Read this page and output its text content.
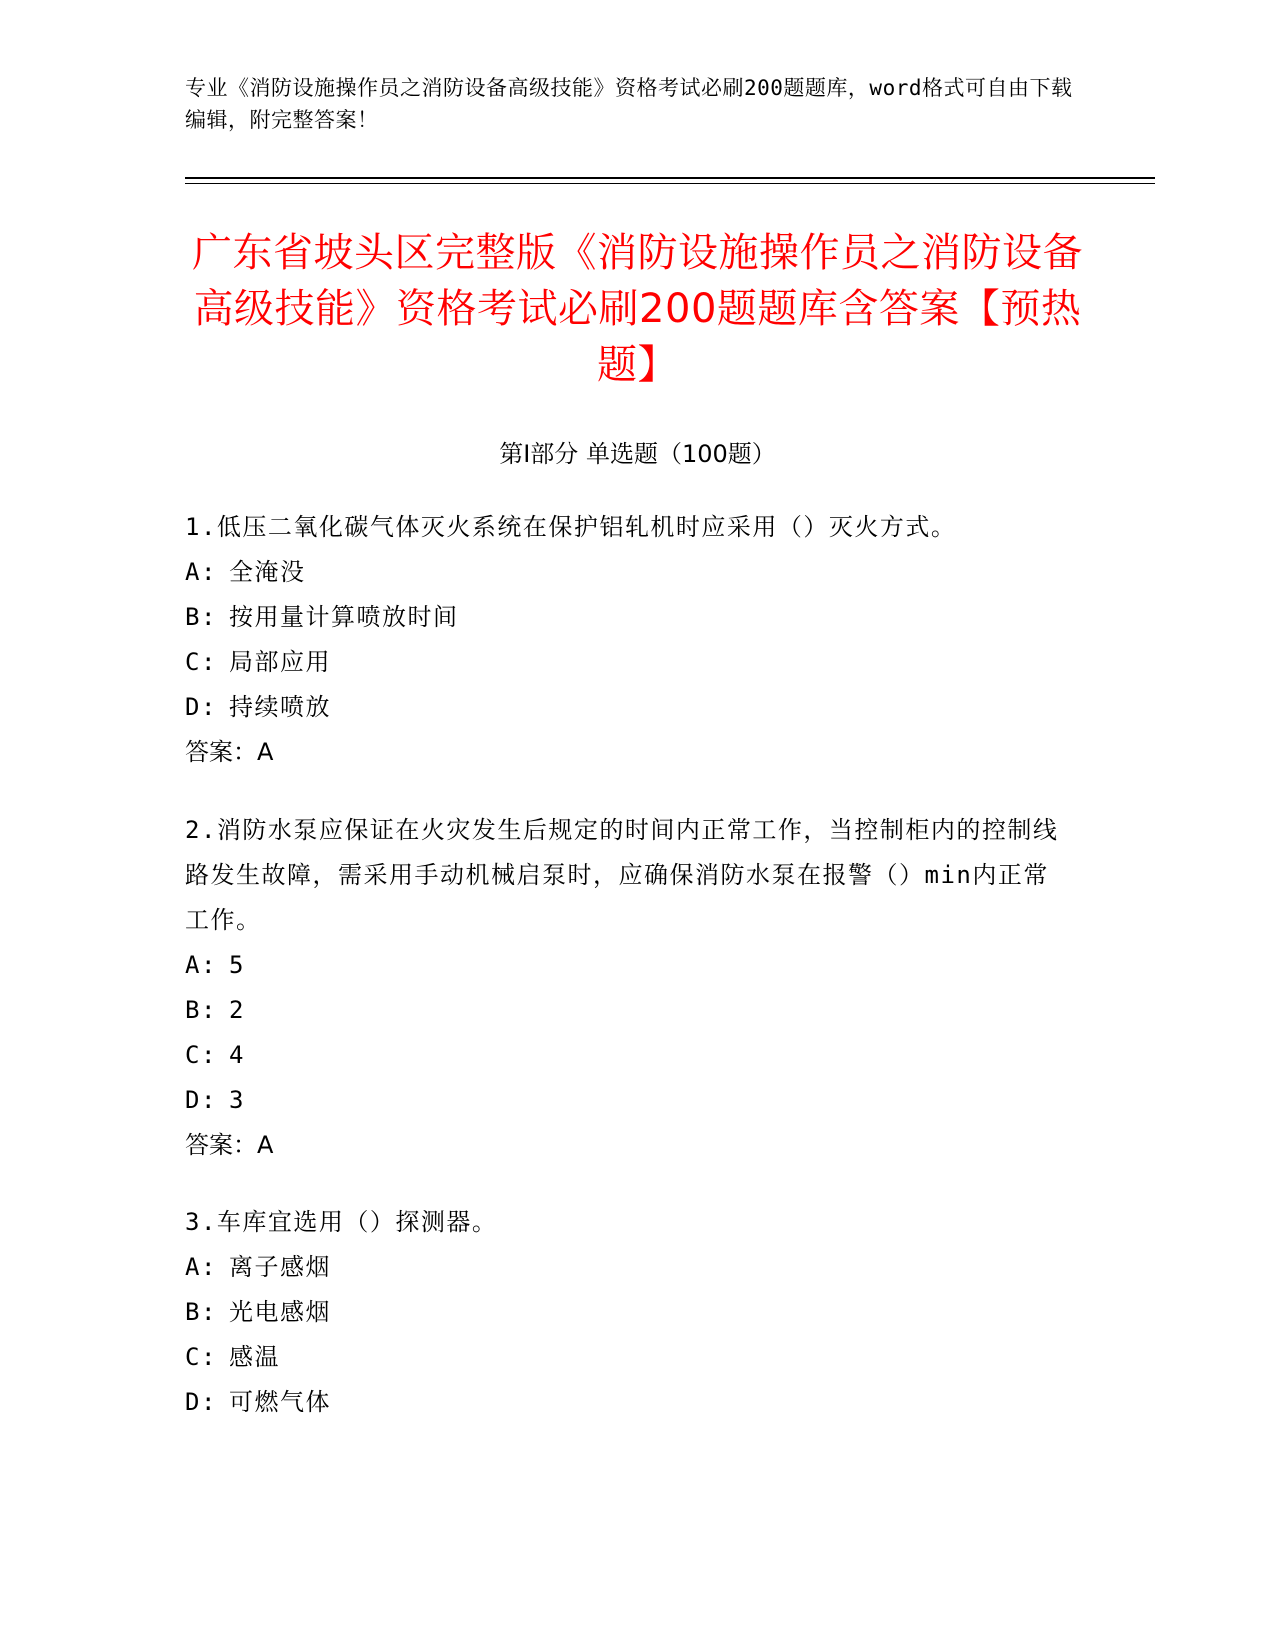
专业《消防设施操作员之消防设备高级技能》资格考试必刷200题题库，word格式可自由下载编辑，附完整答案！
广东省坡头区完整版《消防设施操作员之消防设备高级技能》资格考试必刷200题题库含答案【预热题】
第I部分 单选题（100题）

1.低压二氧化碳气体灭火系统在保护铝轧机时应采用（）灭火方式。

A: 全淹没

B: 按用量计算喷放时间

C: 局部应用

D: 持续喷放

答案：A

2.消防水泵应保证在火灾发生后规定的时间内正常工作，当控制柜内的控制线路发生故障，需采用手动机械启泵时，应确保消防水泵在报警（）min内正常工作。

A: 5

B: 2

C: 4

D: 3

答案：A

3.车库宜选用（）探测器。

A: 离子感烟

B: 光电感烟

C: 感温

D: 可燃气体
